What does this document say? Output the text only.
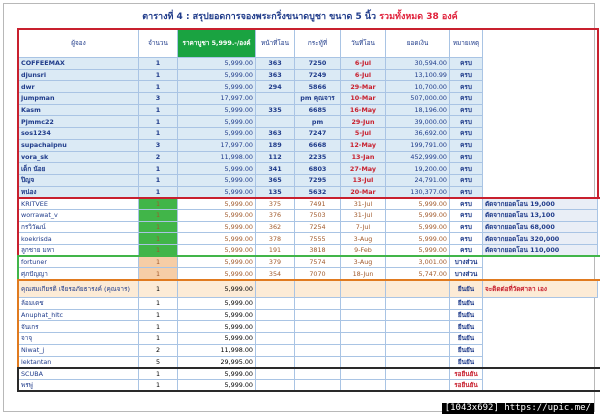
ตารางที่ 4 : สรุปยอดการจองพระกริ่งขนาดบูชา ขนาด 5 นิ้ว รวมทั้งหมด 38 องค์
ผู้จอง	จำนวน	ราคาบูชา 5,999.-/องค์	หน้าที่โอน	กระทู้ที่	วันที่โอน	ยอดเงิน	หมายเหตุ	
COFFEEMAX	1	5,999.00	363	7250	6-Jul	30,594.00	ครบ	
djunsri	1	5,999.00	363	7249	6-Jul	13,100.99	ครบ	
dwr	1	5,999.00	294	5866	29-Mar	10,700.00	ครบ	
jumpman	3	17,997.00		pm คุณจาร	10-Mar	507,000.00	ครบ	
Kasm	1	5,999.00	335	6685	16-May	18,196.00	ครบ	
Pjmmc22	1	5,999.00		pm	29-Jun	39,000.00	ครบ	
sos1234	1	5,999.00	363	7247	5-Jul	36,692.00	ครบ	
supachaipnu	3	17,997.00	189	6668	12-May	199,791.00	ครบ	
vora_sk	2	11,998.00	112	2235	13-Jan	452,999.00	ครบ	
เด็ก น้อย	1	5,999.00	341	6803	27-May	19,200.00	ครบ	
ปิญจ	1	5,999.00	365	7295	13-Jul	24,791.00	ครบ	
หน่อง	1	5,999.00	135	5632	20-Mar	130,377.00	ครบ	
KRITVEE	1	5,999.00	375	7491	31-Jul	5,999.00	ครบ	ตัดจากยอดโอน 19,000
worrawat_v	1	5,999.00	376	7503	31-Jul	5,999.00	ครบ	ตัดจากยอดโอน 13,100
กรวิวัฒน์	1	5,999.00	362	7254	7-Jul	5,999.00	ครบ	ตัดจากยอดโอน 68,000
koekrisda	1	5,999.00	378	7555	3-Aug	5,999.00	ครบ	ตัดจากยอดโอน 320,000
ลูกชาย มหา	1	5,999.00	191	3818	9-Feb	5,999.00	ครบ	ตัดจากยอดโอน 110,000
fortuner	1	5,999.00	379	7574	3-Aug	3,001.00	บางส่วน	
ศุภปัญญา	1	5,999.00	354	7070	18-Jun	5,747.00	บางส่วน	
คุณสมเกียรติ เจียรอภัยธารงค์ (คุณจาร)	1	5,999.00					ยืนยัน	จะติดต่อที่วัดศาลา เอง
ล้อมเดช	1	5,999.00					ยืนยัน	
Anuphat_hltc	1	5,999.00					ยืนยัน	
จันเกร	1	5,999.00					ยืนยัน	
จาจุ	1	5,999.00					ยืนยัน	
Niwat_j	2	11,998.00					ยืนยัน	
lektantan	5	29,995.00					ยืนยัน	
SCUBA	1	5,999.00					รอยืนยัน	
พรพู่	1	5,999.00					รอยืนยัน	
[1043x692] https://upic.me/
